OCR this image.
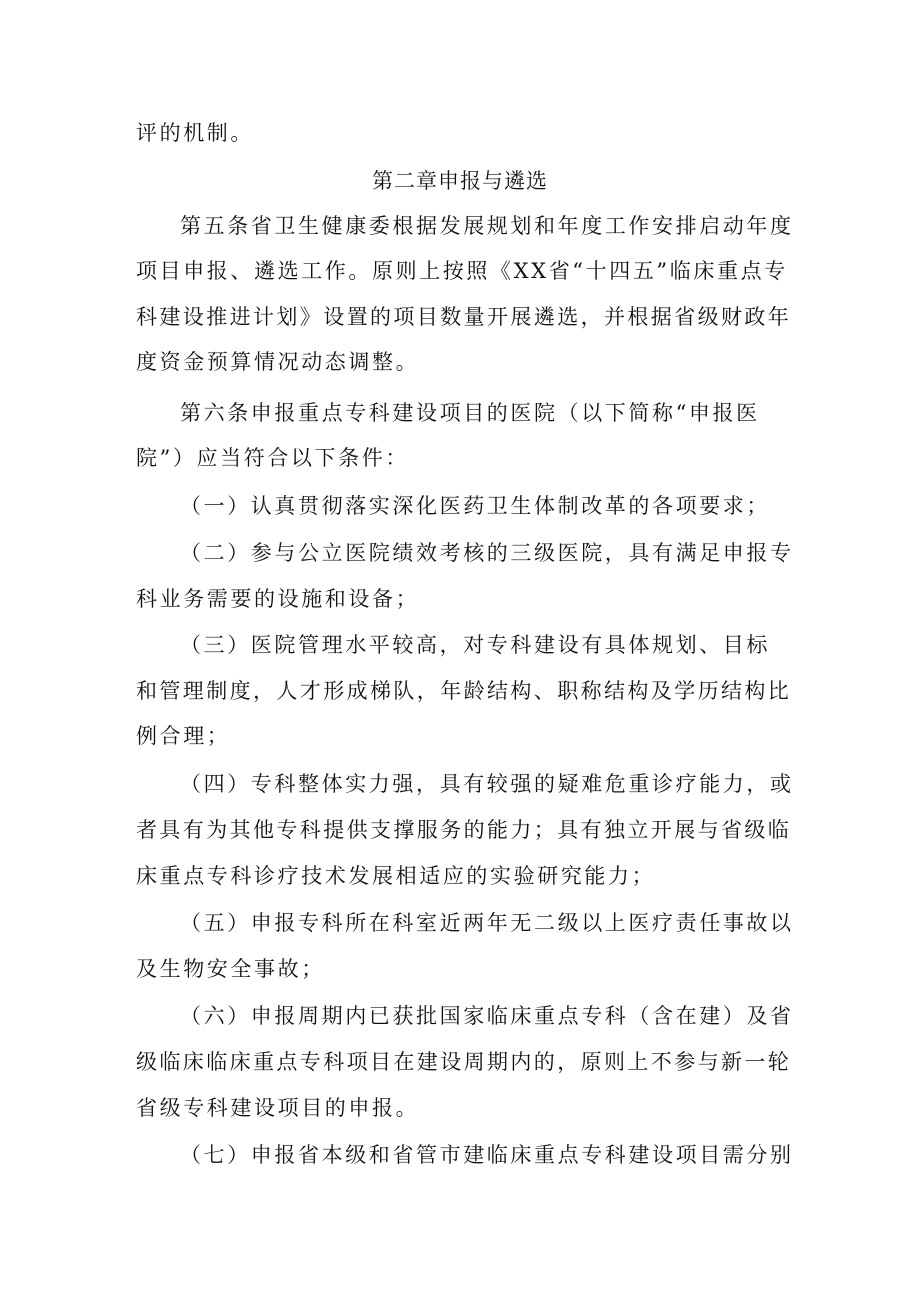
评的机制。
第二章申报与遴选
第五条省卫生健康委根据发展规划和年度工作安排启动年度
项目申报、遴选工作。原则上按照《XX省“十四五”临床重点专
科建设推进计划》设置的项目数量开展遴选，并根据省级财政年
度资金预算情况动态调整。
第六条申报重点专科建设项目的医院（以下简称“申报医
院”）应当符合以下条件：
（一）认真贯彻落实深化医药卫生体制改革的各项要求；
（二）参与公立医院绩效考核的三级医院，具有满足申报专
科业务需要的设施和设备；
（三）医院管理水平较高，对专科建设有具体规划、目标
和管理制度，人才形成梯队，年龄结构、职称结构及学历结构比
例合理；
（四）专科整体实力强，具有较强的疑难危重诊疗能力，或
者具有为其他专科提供支撑服务的能力；具有独立开展与省级临
床重点专科诊疗技术发展相适应的实验研究能力；
（五）申报专科所在科室近两年无二级以上医疗责任事故以
及生物安全事故；
（六）申报周期内已获批国家临床重点专科（含在建）及省
级临床临床重点专科项目在建设周期内的，原则上不参与新一轮
省级专科建设项目的申报。
（七）申报省本级和省管市建临床重点专科建设项目需分别
